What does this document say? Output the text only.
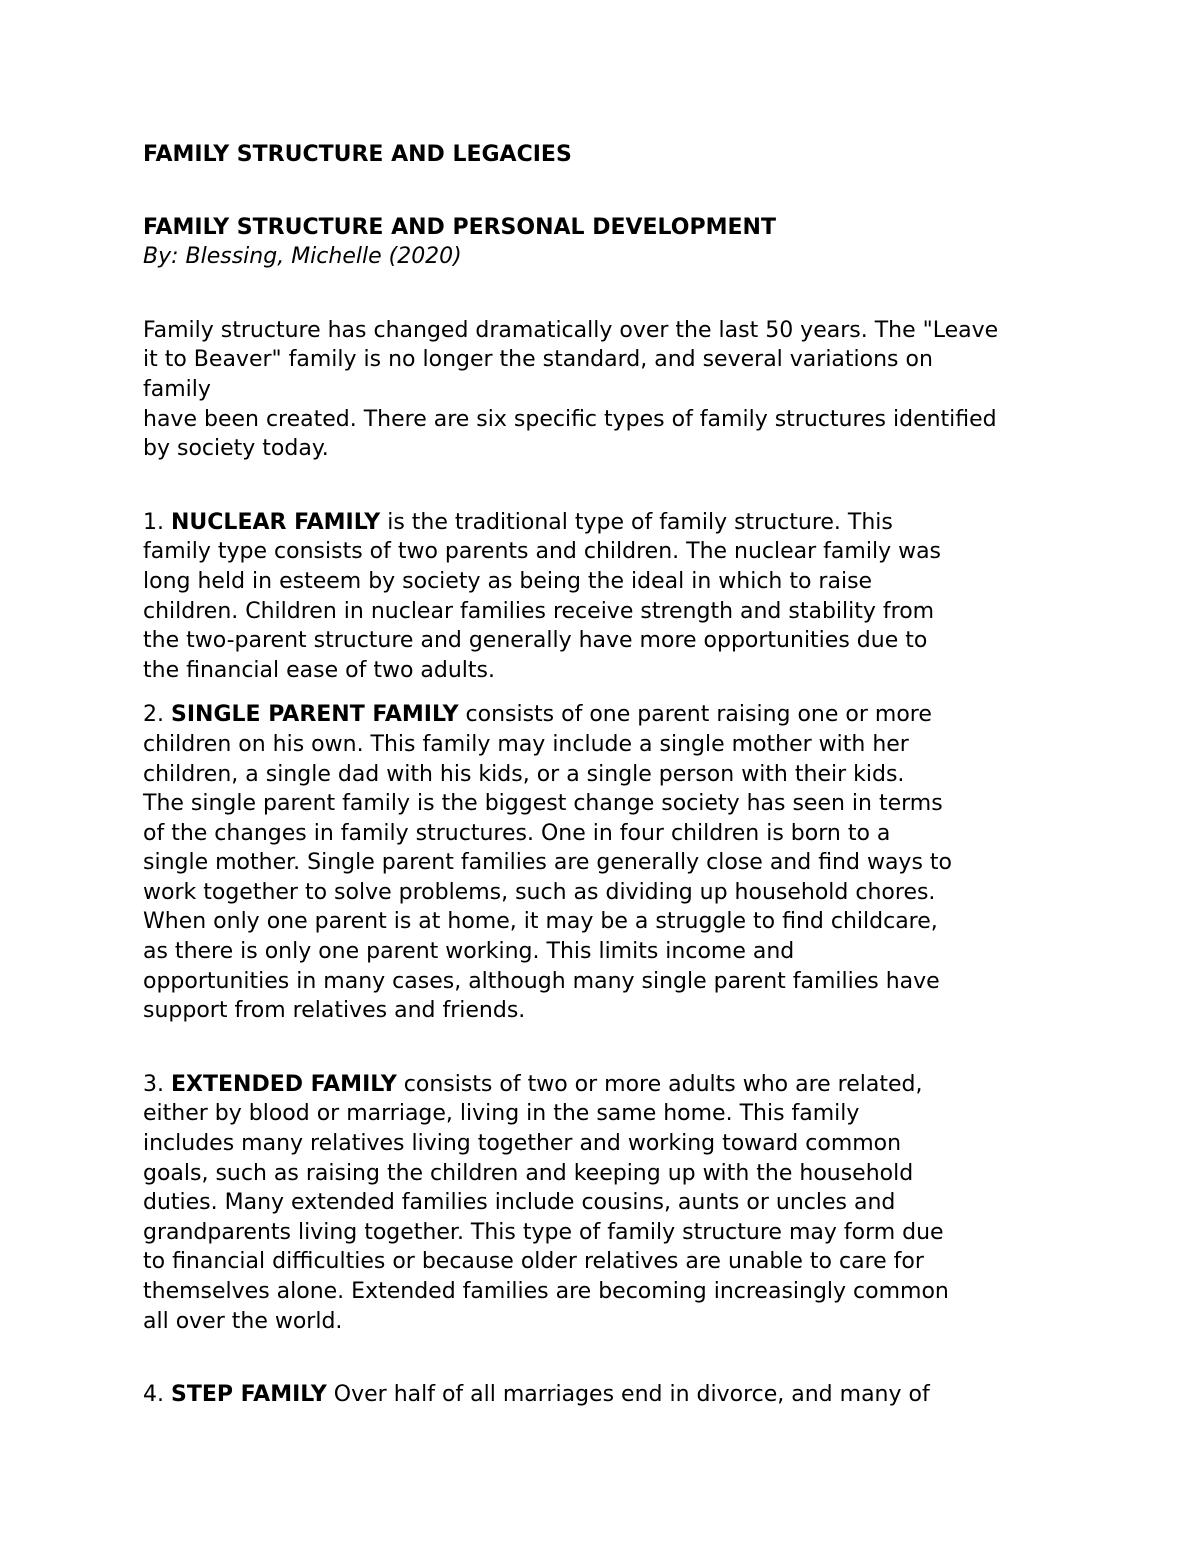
FAMILY STRUCTURE AND LEGACIES

FAMILY STRUCTURE AND PERSONAL DEVELOPMENT

By: Blessing, Michelle (2020)

Family structure has changed dramatically over the last 50 years. The "Leave
it to Beaver" family is no longer the standard, and several variations on
family
have been created. There are six specific types of family structures identified
by society today.

1. NUCLEAR FAMILY is the traditional type of family structure. This
family type consists of two parents and children. The nuclear family was
long held in esteem by society as being the ideal in which to raise
children. Children in nuclear families receive strength and stability from
the two-parent structure and generally have more opportunities due to
the financial ease of two adults.

2. SINGLE PARENT FAMILY consists of one parent raising one or more
children on his own. This family may include a single mother with her
children, a single dad with his kids, or a single person with their kids.
The single parent family is the biggest change society has seen in terms
of the changes in family structures. One in four children is born to a
single mother. Single parent families are generally close and find ways to
work together to solve problems, such as dividing up household chores.
When only one parent is at home, it may be a struggle to find childcare,
as there is only one parent working. This limits income and
opportunities in many cases, although many single parent families have
support from relatives and friends.

3. EXTENDED FAMILY consists of two or more adults who are related,
either by blood or marriage, living in the same home. This family
includes many relatives living together and working toward common
goals, such as raising the children and keeping up with the household
duties. Many extended families include cousins, aunts or uncles and
grandparents living together. This type of family structure may form due
to financial difficulties or because older relatives are unable to care for
themselves alone. Extended families are becoming increasingly common
all over the world.

4. STEP FAMILY Over half of all marriages end in divorce, and many of
